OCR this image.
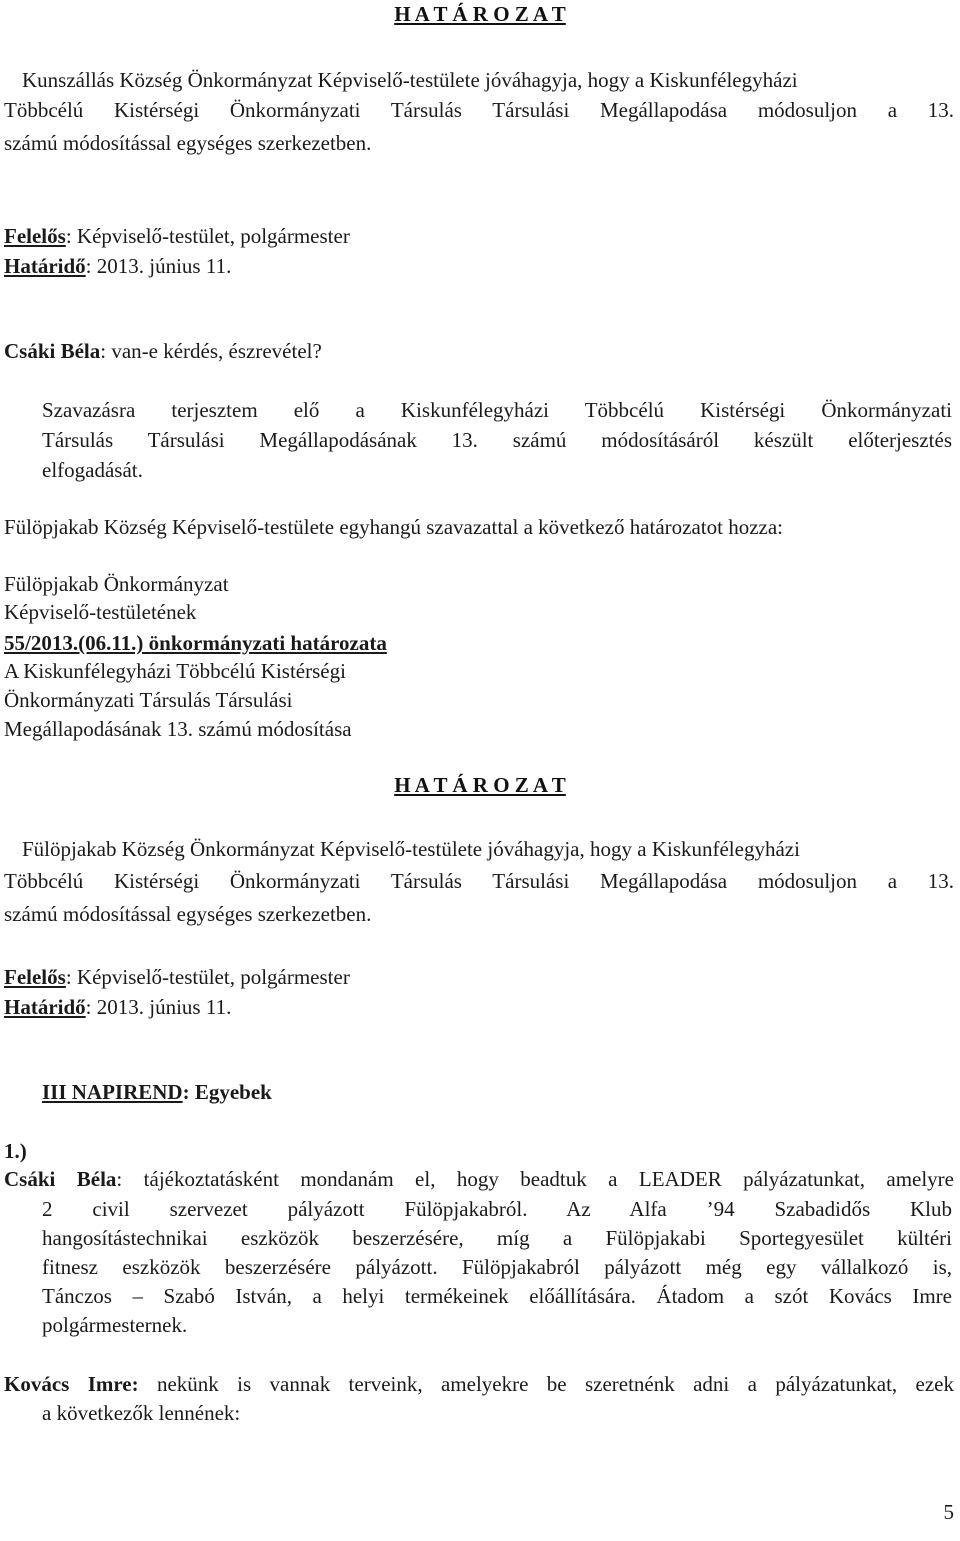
H A T Á R O Z A T
Kunszállás Község Önkormányzat Képviselő-testülete jóváhagyja, hogy a Kiskunfélegyházi
Többcélú Kistérségi Önkormányzati Társulás Társulási Megállapodása módosuljon a 13.
számú módosítással egységes szerkezetben.
Felelős: Képviselő-testület, polgármester
Határidő: 2013. június 11.
Csáki Béla: van-e kérdés, észrevétel?
Szavazásra terjesztem elő a Kiskunfélegyházi Többcélú Kistérségi Önkormányzati
Társulás Társulási Megállapodásának 13. számú módosításáról készült előterjesztés
elfogadását.
Fülöpjakab Község Képviselő-testülete egyhangú szavazattal a következő határozatot hozza:
Fülöpjakab Önkormányzat
Képviselő-testületének
55/2013.(06.11.) önkormányzati határozata
A Kiskunfélegyházi Többcélú Kistérségi
Önkormányzati Társulás Társulási
Megállapodásának 13. számú módosítása
H A T Á R O Z A T
Fülöpjakab Község Önkormányzat Képviselő-testülete jóváhagyja, hogy a Kiskunfélegyházi
Többcélú Kistérségi Önkormányzati Társulás Társulási Megállapodása módosuljon a 13.
számú módosítással egységes szerkezetben.
Felelős: Képviselő-testület, polgármester
Határidő: 2013. június 11.
III NAPIREND: Egyebek
1.)
Csáki Béla: tájékoztatásként mondanám el, hogy beadtuk a LEADER pályázatunkat, amelyre
2 civil szervezet pályázott Fülöpjakabról. Az Alfa ’94 Szabadidős Klub
hangosítástechnikai eszközök beszerzésére, míg a Fülöpjakabi Sportegyesület kültéri
fitnesz eszközök beszerzésére pályázott. Fülöpjakabról pályázott még egy vállalkozó is,
Tánczos – Szabó István, a helyi termékeinek előállítására. Átadom a szót Kovács Imre
polgármesternek.
Kovács Imre: nekünk is vannak terveink, amelyekre be szeretnénk adni a pályázatunkat, ezek
a következők lennének:
5
